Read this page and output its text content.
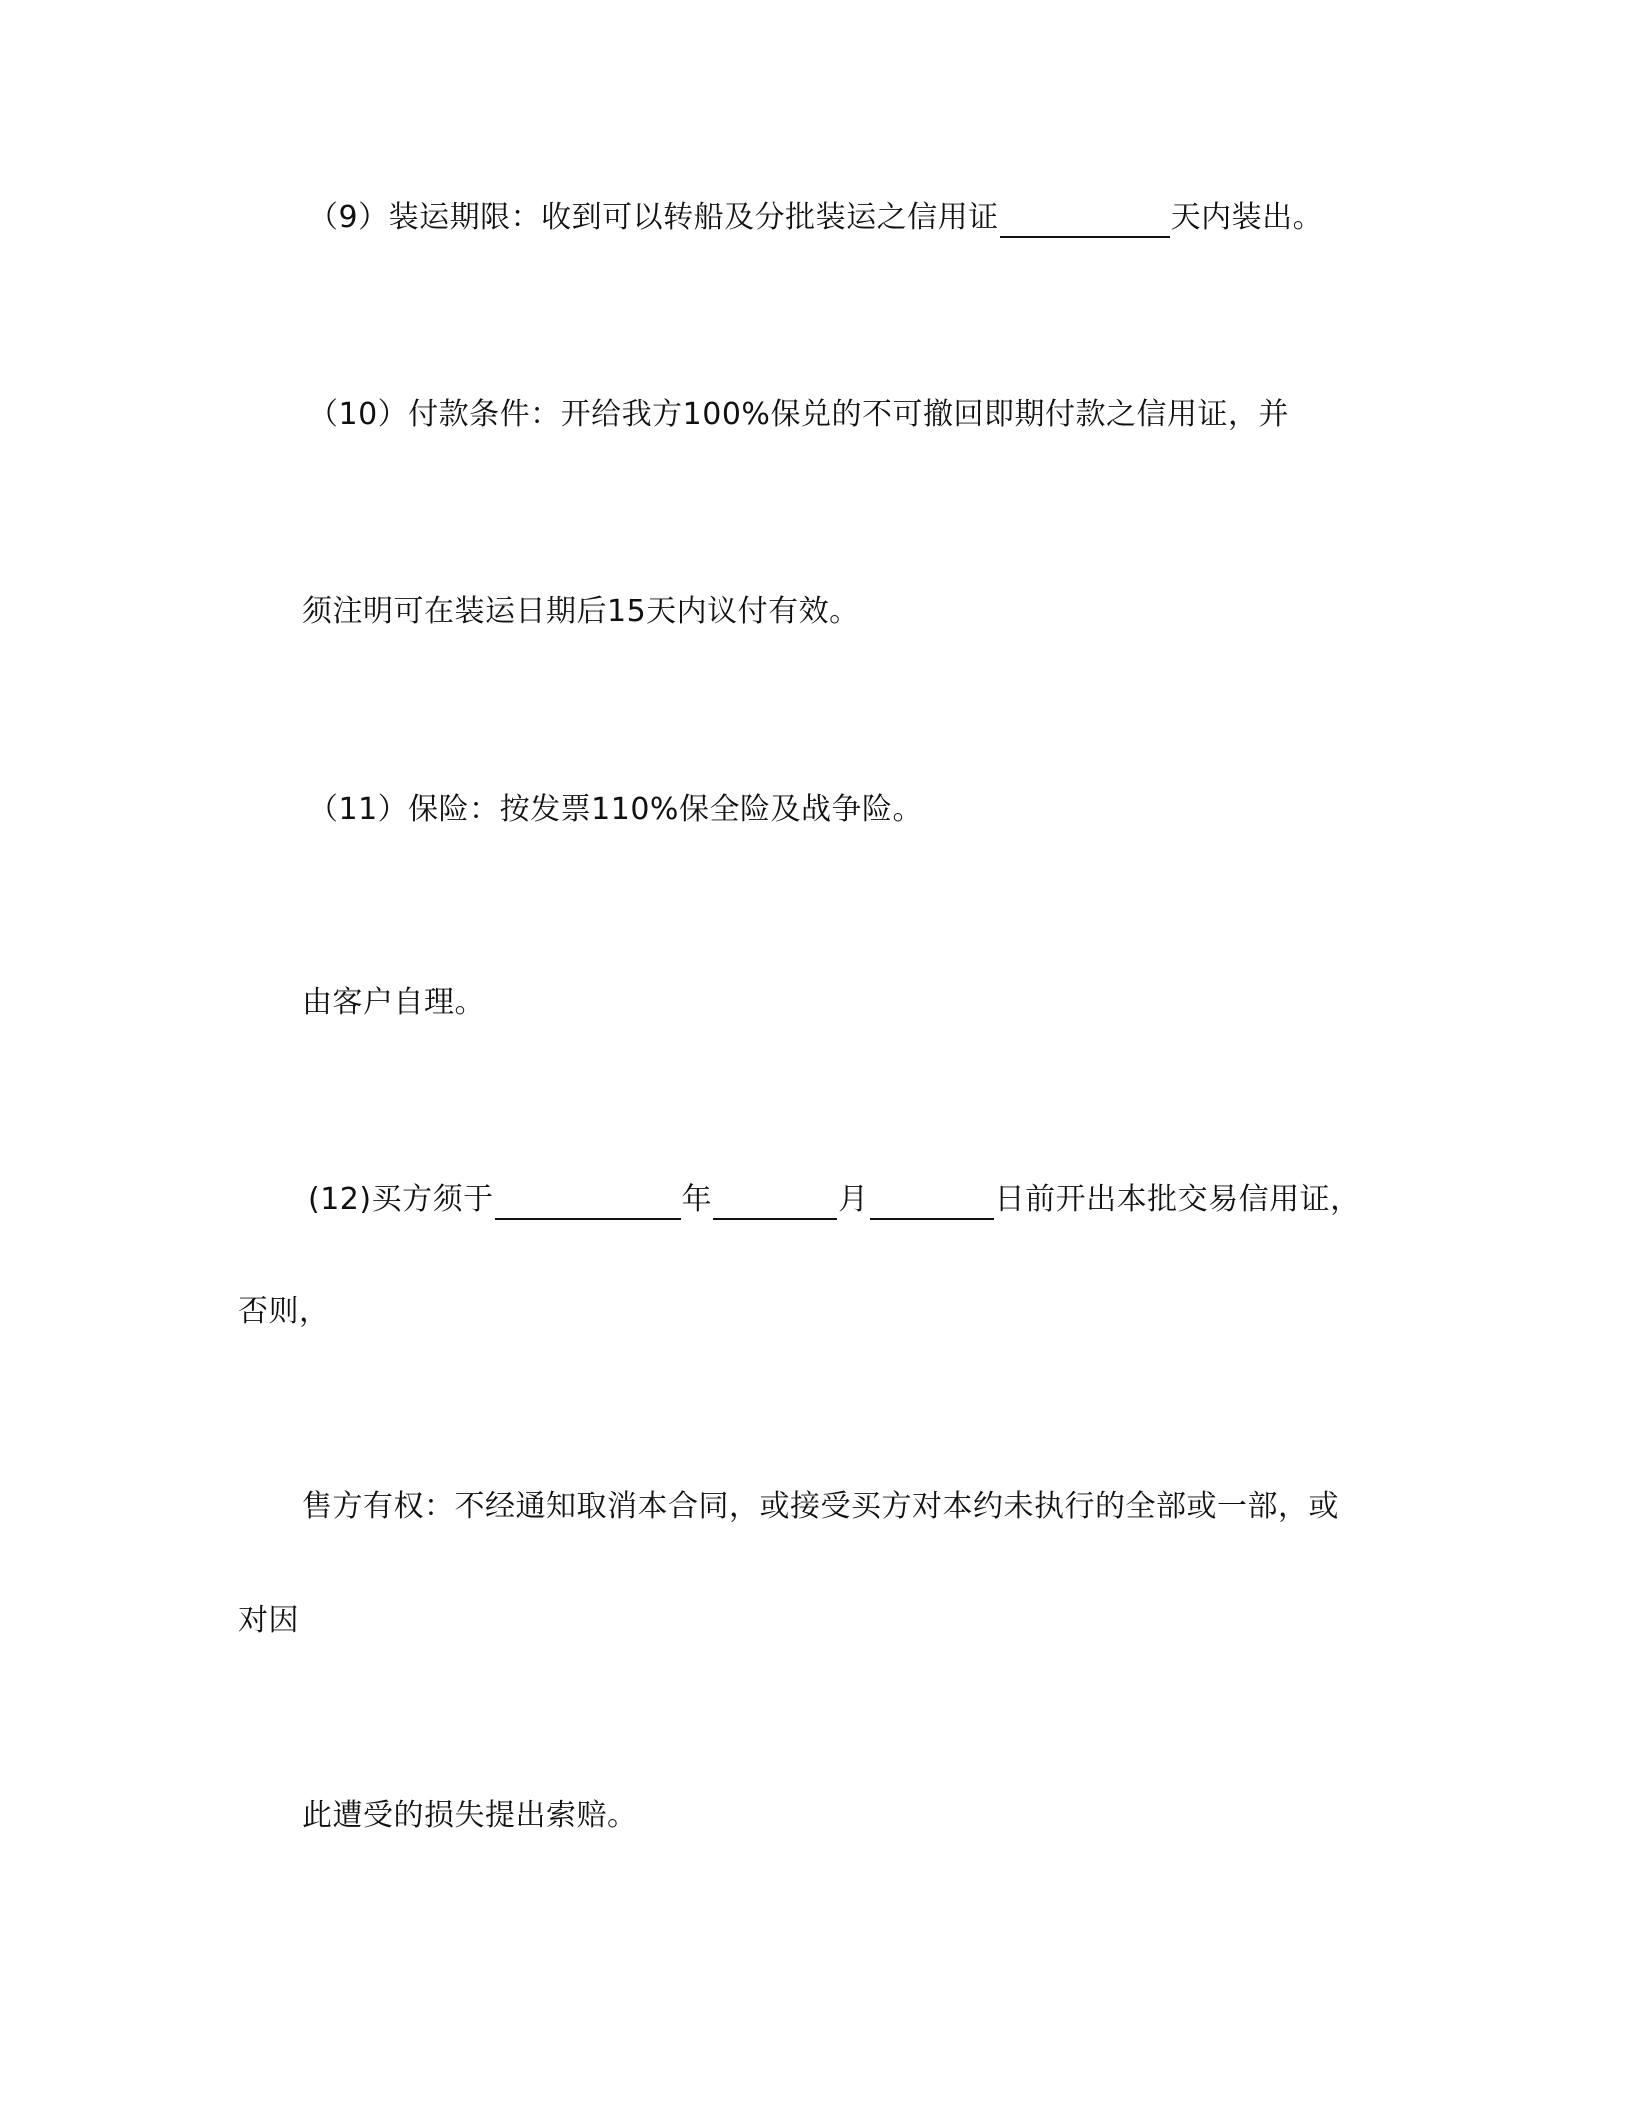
（9）装运期限：收到可以转船及分批装运之信用证	天内装出。
（10）付款条件：开给我方100%保兑的不可撤回即期付款之信用证，并
须注明可在装运日期后15天内议付有效。
（11）保险：按发票110%保全险及战争险。
由客户自理。
(12)买方须于	年	月	日前开出本批交易信用证，
否则，
售方有权：不经通知取消本合同，或接受买方对本约未执行的全部或一部，或
对因
此遭受的损失提出索赔。
